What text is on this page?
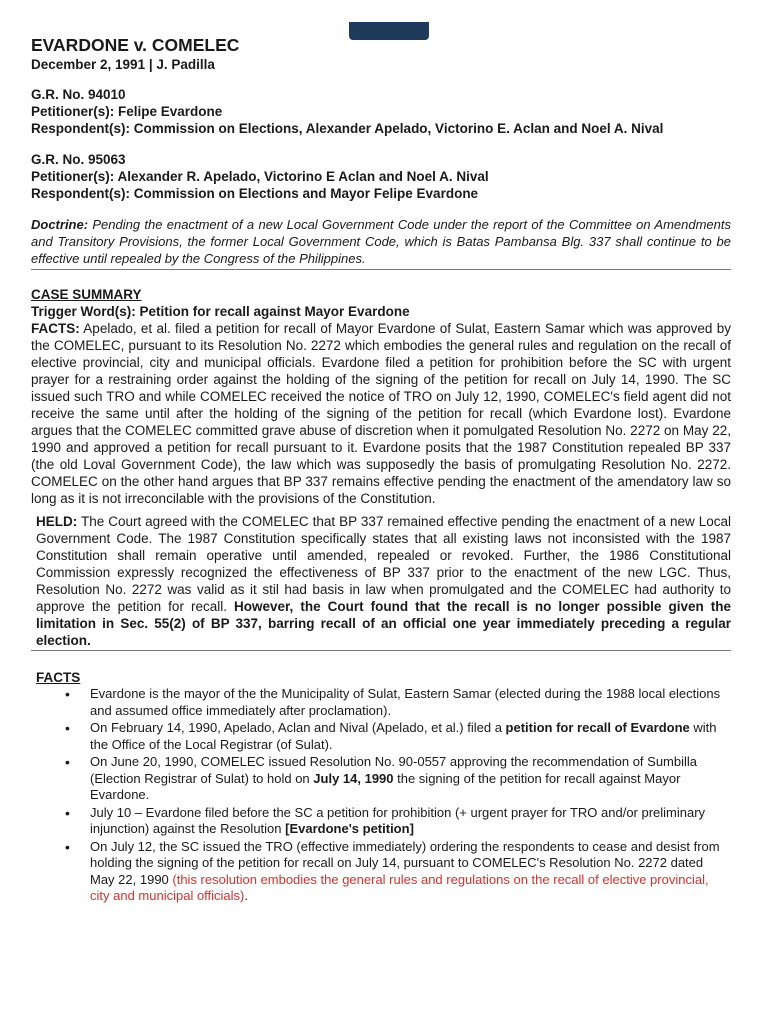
EVARDONE v. COMELEC
December 2, 1991 | J. Padilla
G.R. No. 94010
Petitioner(s): Felipe Evardone
Respondent(s): Commission on Elections, Alexander Apelado, Victorino E. Aclan and Noel A. Nival
G.R. No. 95063
Petitioner(s): Alexander R. Apelado, Victorino E Aclan and Noel A. Nival
Respondent(s): Commission on Elections and Mayor Felipe Evardone
Doctrine: Pending the enactment of a new Local Government Code under the report of the Committee on Amendments and Transitory Provisions, the former Local Government Code, which is Batas Pambansa Blg. 337 shall continue to be effective until repealed by the Congress of the Philippines.
CASE SUMMARY
Trigger Word(s): Petition for recall against Mayor Evardone
FACTS: Apelado, et al. filed a petition for recall of Mayor Evardone of Sulat, Eastern Samar which was approved by the COMELEC, pursuant to its Resolution No. 2272 which embodies the general rules and regulation on the recall of elective provincial, city and municipal officials. Evardone filed a petition for prohibition before the SC with urgent prayer for a restraining order against the holding of the signing of the petition for recall on July 14, 1990. The SC issued such TRO and while COMELEC received the notice of TRO on July 12, 1990, COMELEC's field agent did not receive the same until after the holding of the signing of the petition for recall (which Evardone lost). Evardone argues that the COMELEC committed grave abuse of discretion when it pomulgated Resolution No. 2272 on May 22, 1990 and approved a petition for recall pursuant to it. Evardone posits that the 1987 Constitution repealed BP 337 (the old Loval Government Code), the law which was supposedly the basis of promulgating Resolution No. 2272. COMELEC on the other hand argues that BP 337 remains effective pending the enactment of the amendatory law so long as it is not irreconcilable with the provisions of the Constitution.
HELD: The Court agreed with the COMELEC that BP 337 remained effective pending the enactment of a new Local Government Code. The 1987 Constitution specifically states that all existing laws not inconsisted with the 1987 Constitution shall remain operative until amended, repealed or revoked. Further, the 1986 Constitutional Commission expressly recognized the effectiveness of BP 337 prior to the enactment of the new LGC. Thus, Resolution No. 2272 was valid as it stil had basis in law when promulgated and the COMELEC had authority to approve the petition for recall. However, the Court found that the recall is no longer possible given the limitation in Sec. 55(2) of BP 337, barring recall of an official one year immediately preceding a regular election.
FACTS
• Evardone is the mayor of the the Municipality of Sulat, Eastern Samar (elected during the 1988 local elections and assumed office immediately after proclamation).
• On February 14, 1990, Apelado, Aclan and Nival (Apelado, et al.) filed a petition for recall of Evardone with the Office of the Local Registrar (of Sulat).
• On June 20, 1990, COMELEC issued Resolution No. 90-0557 approving the recommendation of Sumbilla (Election Registrar of Sulat) to hold on July 14, 1990 the signing of the petition for recall against Mayor Evardone.
• July 10 – Evardone filed before the SC a petition for prohibition (+ urgent prayer for TRO and/or preliminary injunction) against the Resolution [Evardone's petition]
• On July 12, the SC issued the TRO (effective immediately) ordering the respondents to cease and desist from holding the signing of the petition for recall on July 14, pursuant to COMELEC's Resolution No. 2272 dated May 22, 1990 (this resolution embodies the general rules and regulations on the recall of elective provincial, city and municipal officials).
